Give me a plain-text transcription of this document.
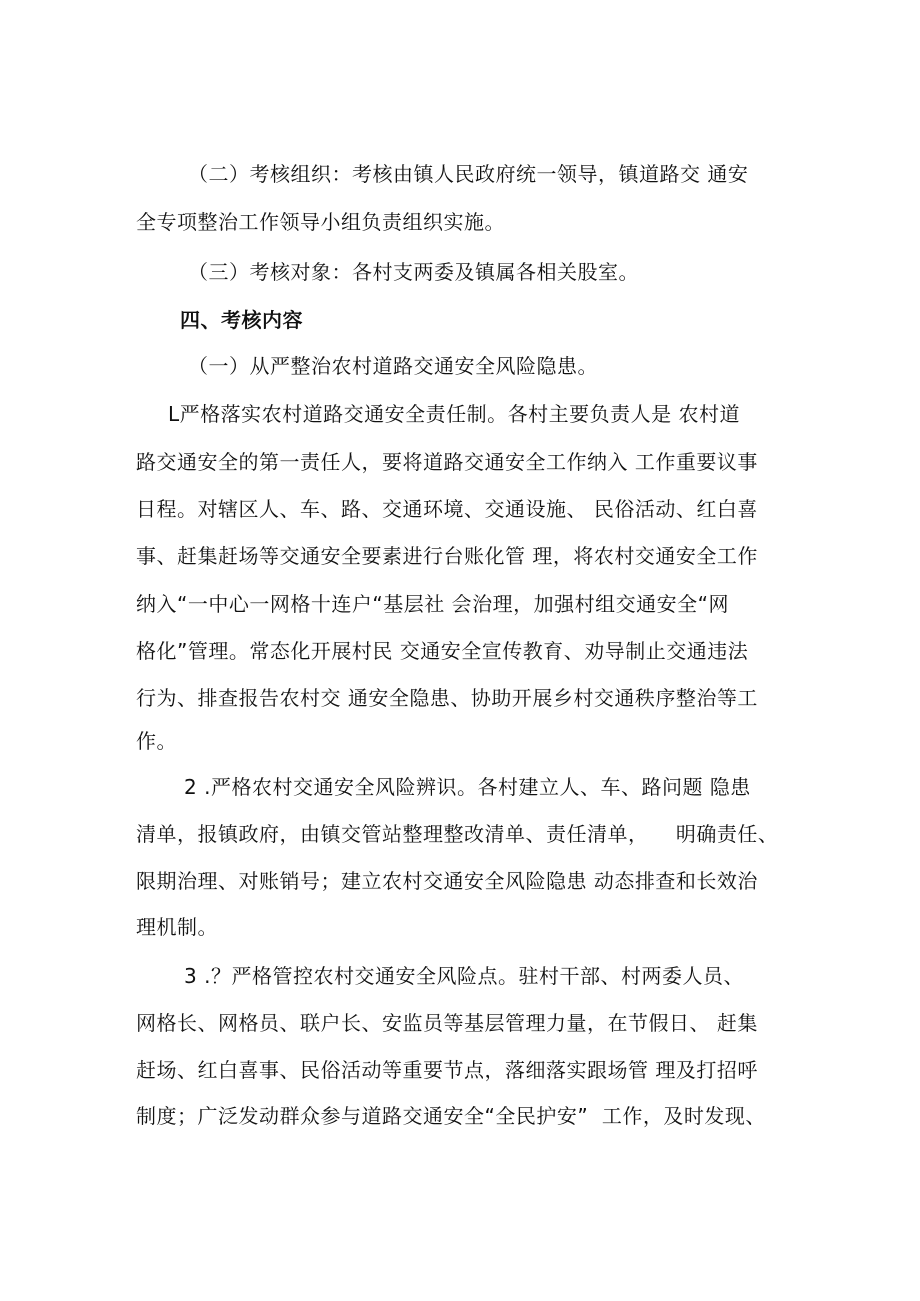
（二）考核组织：考核由镇人民政府统一领导，镇道路交 通安
全专项整治工作领导小组负责组织实施。
（三）考核对象：各村支两委及镇属各相关股室。
四、考核内容
（一）从严整治农村道路交通安全风险隐患。
L严格落实农村道路交通安全责任制。各村主要负责人是 农村道
路交通安全的第一责任人，要将道路交通安全工作纳入 工作重要议事
日程。对辖区人、车、路、交通环境、交通设施、 民俗活动、红白喜
事、赶集赶场等交通安全要素进行台账化管 理，将农村交通安全工作
纳入“一中心一网格十连户“基层社 会治理，加强村组交通安全“网
格化”管理。常态化开展村民 交通安全宣传教育、劝导制止交通违法
行为、排查报告农村交 通安全隐患、协助开展乡村交通秩序整治等工
作。
2 .严格农村交通安全风险辨识。各村建立人、车、路问题 隐患
清单，报镇政府，由镇交管站整理整改清单、责任清单，    明确责任、
限期治理、对账销号；建立农村交通安全风险隐患 动态排查和长效治
理机制。
3 .？严格管控农村交通安全风险点。驻村干部、村两委人员、
网格长、网格员、联户长、安监员等基层管理力量，在节假日、 赶集
赶场、红白喜事、民俗活动等重要节点，落细落实跟场管 理及打招呼
制度；广泛发动群众参与道路交通安全“全民护安”  工作，及时发现、
